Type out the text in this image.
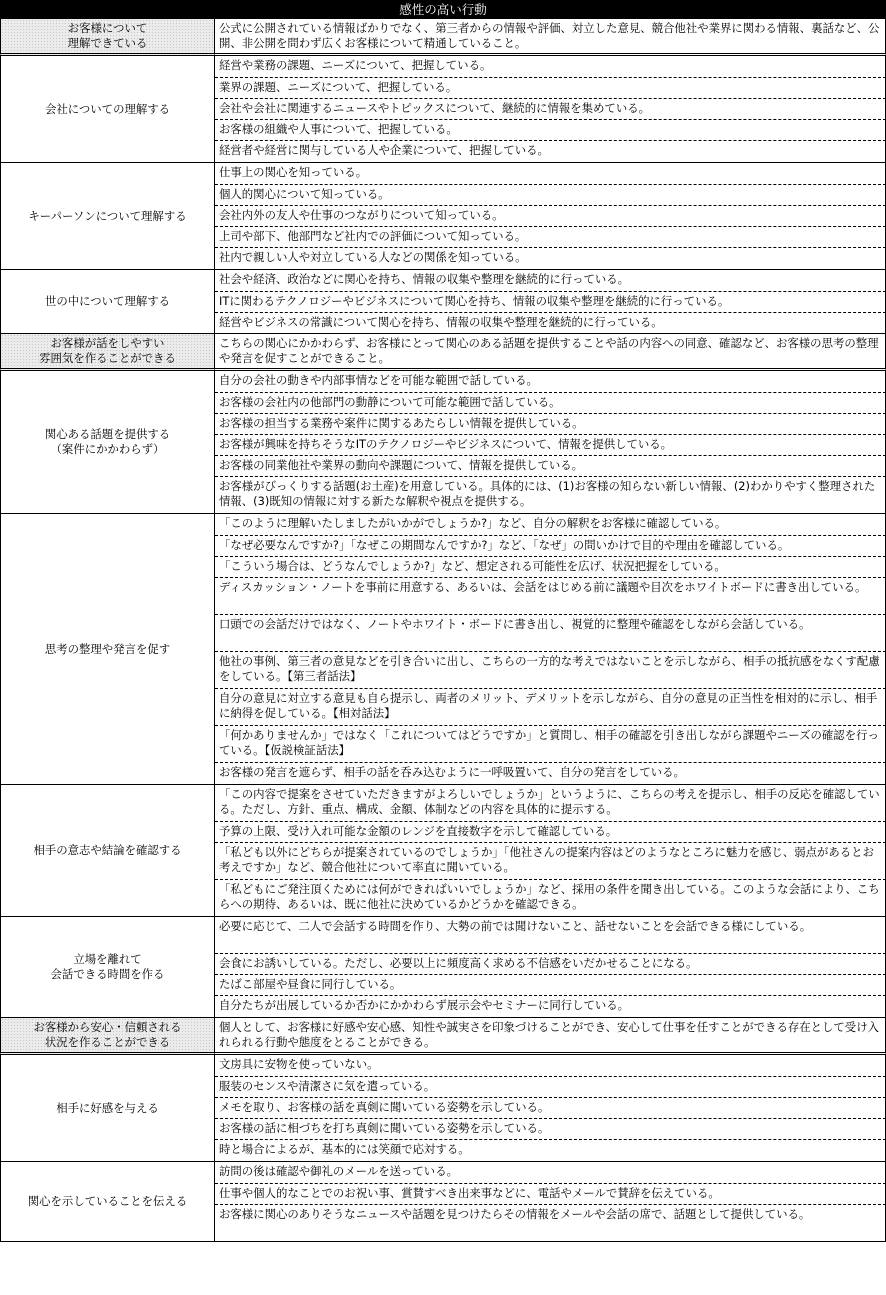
感性の高い行動
お客様について
理解できている
公式に公開されている情報ばかりでなく、第三者からの情報や評価、対立した意見、競合他社や業界に関わる情報、裏話など、公開、非公開を問わず広くお客様について精通していること。
会社についての理解する
経営や業務の課題、ニーズについて、把握している。
業界の課題、ニーズについて、把握している。
会社や会社に関連するニュースやトピックスについて、継続的に情報を集めている。
お客様の組織や人事について、把握している。
経営者や経営に関与している人や企業について、把握している。
キーパーソンについて理解する
仕事上の関心を知っている。
個人的関心について知っている。
会社内外の友人や仕事のつながりについて知っている。
上司や部下、他部門など社内での評価について知っている。
社内で親しい人や対立している人などの関係を知っている。
世の中について理解する
社会や経済、政治などに関心を持ち、情報の収集や整理を継続的に行っている。
ITに関わるテクノロジーやビジネスについて関心を持ち、情報の収集や整理を継続的に行っている。
経営やビジネスの常識について関心を持ち、情報の収集や整理を継続的に行っている。
お客様が話をしやすい
雰囲気を作ることができる
こちらの関心にかかわらず、お客様にとって関心のある話題を提供することや話の内容への同意、確認など、お客様の思考の整理や発言を促すことができること。
関心ある話題を提供する
（案件にかかわらず）
自分の会社の動きや内部事情などを可能な範囲で話している。
お客様の会社内の他部門の動静について可能な範囲で話している。
お客様の担当する業務や案件に関するあたらしい情報を提供している。
お客様が興味を持ちそうなITのテクノロジーやビジネスについて、情報を提供している。
お客様の同業他社や業界の動向や課題について、情報を提供している。
お客様がびっくりする話題(お土産)を用意している。具体的には、(1)お客様の知らない新しい情報、(2)わかりやすく整理された情報、(3)既知の情報に対する新たな解釈や視点を提供する。
思考の整理や発言を促す
「このように理解いたしましたがいかがでしょうか?」など、自分の解釈をお客様に確認している。
「なぜ必要なんですか?」「なぜこの期間なんですか?」など、「なぜ」の問いかけで目的や理由を確認している。
「こういう場合は、どうなんでしょうか?」など、想定される可能性を広げ、状況把握をしている。
ディスカッション・ノートを事前に用意する、あるいは、会話をはじめる前に議題や目次をホワイトボードに書き出している。
口頭での会話だけではなく、ノートやホワイト・ボードに書き出し、視覚的に整理や確認をしながら会話している。
他社の事例、第三者の意見などを引き合いに出し、こちらの一方的な考えではないことを示しながら、相手の抵抗感をなくす配慮をしている。【第三者話法】
自分の意見に対立する意見も自ら提示し、両者のメリット、デメリットを示しながら、自分の意見の正当性を相対的に示し、相手に納得を促している。【相対話法】
「何かありませんか」ではなく「これについてはどうですか」と質問し、相手の確認を引き出しながら課題やニーズの確認を行っている。【仮説検証話法】
お客様の発言を遮らず、相手の話を呑み込むように一呼吸置いて、自分の発言をしている。
相手の意志や結論を確認する
「この内容で提案をさせていただきますがよろしいでしょうか」というように、こちらの考えを提示し、相手の反応を確認している。ただし、方針、重点、構成、金額、体制などの内容を具体的に提示する。
予算の上限、受け入れ可能な金額のレンジを直接数字を示して確認している。
「私ども以外にどちらが提案されているのでしょうか」「他社さんの提案内容はどのようなところに魅力を感じ、弱点があるとお考えですか」など、競合他社について率直に聞いている。
「私どもにご発注頂くためには何ができればいいでしょうか」など、採用の条件を聞き出している。このような会話により、こちらへの期待、あるいは、既に他社に決めているかどうかを確認できる。
立場を離れて
会話できる時間を作る
必要に応じて、二人で会話する時間を作り、大勢の前では聞けないこと、話せないことを会話できる様にしている。
会食にお誘いしている。ただし、必要以上に頻度高く求める不信感をいだかせることになる。
たばこ部屋や昼食に同行している。
自分たちが出展しているか否かにかかわらず展示会やセミナーに同行している。
お客様から安心・信頼される
状況を作ることができる
個人として、お客様に好感や安心感、知性や誠実さを印象づけることができ、安心して仕事を任すことができる存在として受け入れられる行動や態度をとることができる。
相手に好感を与える
文房具に安物を使っていない。
服装のセンスや清潔さに気を遣っている。
メモを取り、お客様の話を真剣に聞いている姿勢を示している。
お客様の話に相づちを打ち真剣に聞いている姿勢を示している。
時と場合によるが、基本的には笑顔で応対する。
関心を示していることを伝える
訪問の後は確認や御礼のメールを送っている。
仕事や個人的なことでのお祝い事、賞賛すべき出来事などに、電話やメールで賛辞を伝えている。
お客様に関心のありそうなニュースや話題を見つけたらその情報をメールや会話の席で、話題として提供している。
